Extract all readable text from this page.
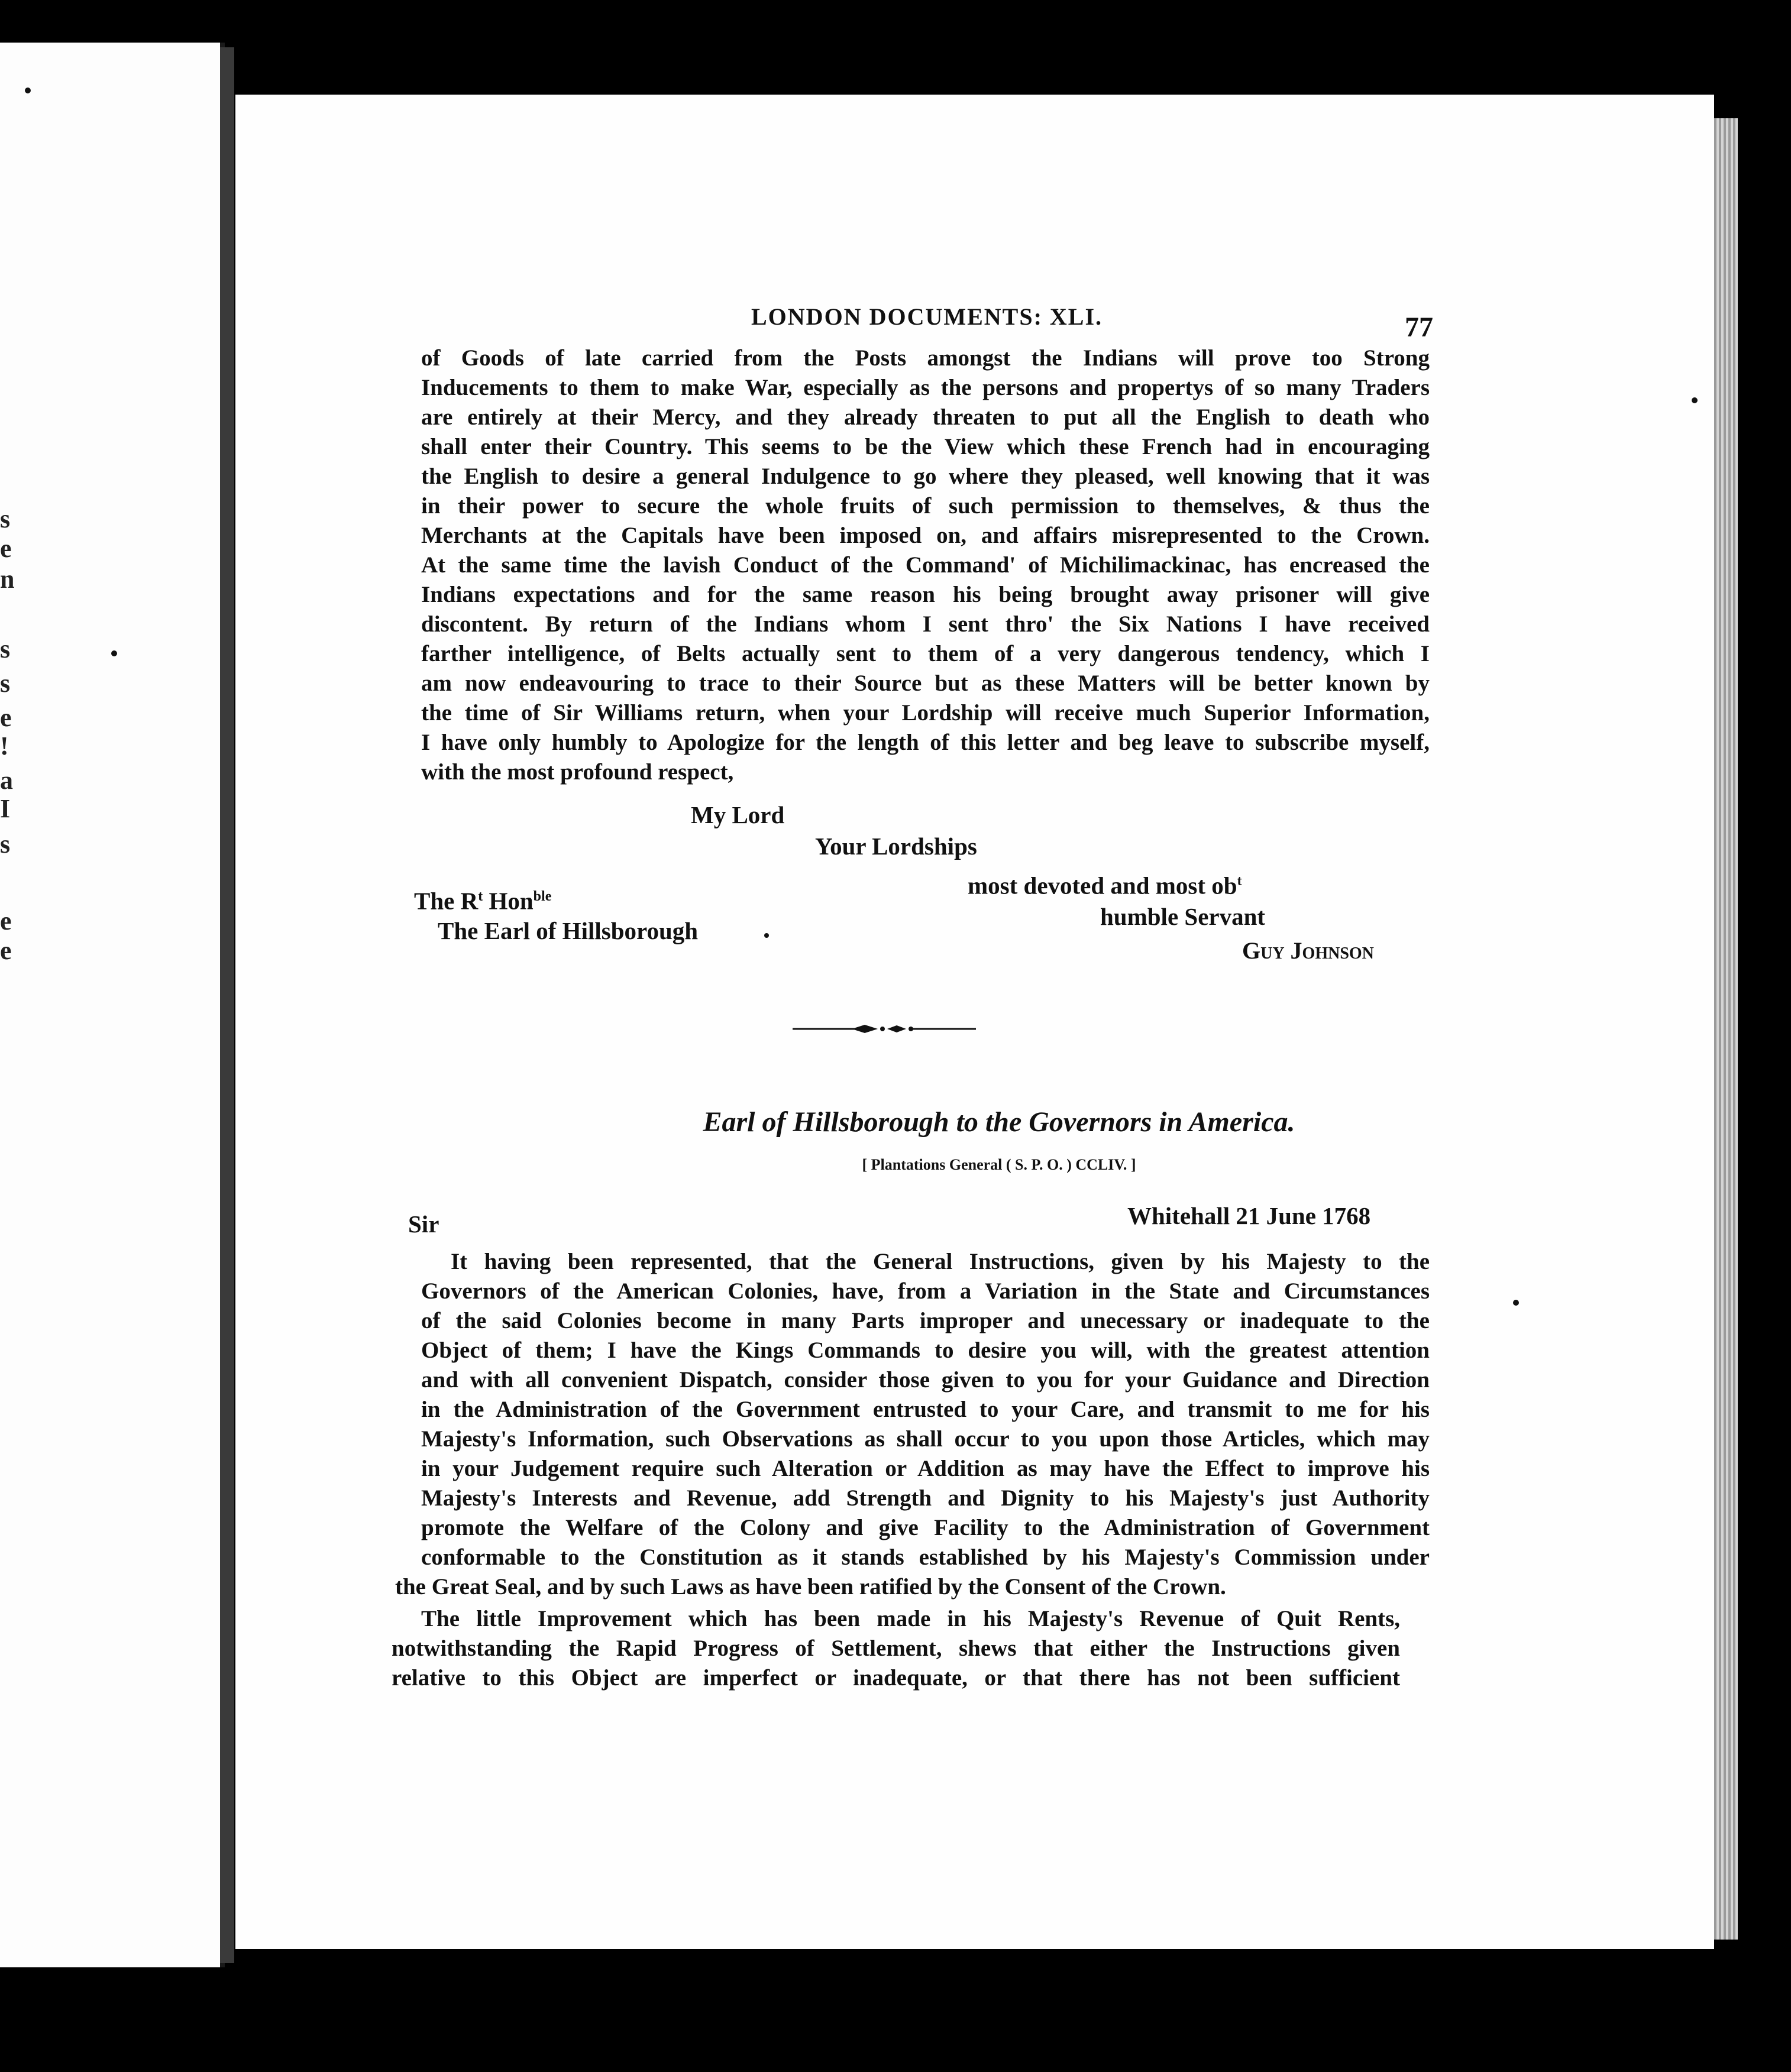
s
e
n
s
s
e
!
a
I
s
e
e
LONDON DOCUMENTS: XLI.	77
of Goods of late carried from the Posts amongst the Indians will prove too Strong
Inducements to them to make War, especially as the persons and propertys of so many Traders
are entirely at their Mercy, and they already threaten to put all the English to death who
shall enter their Country. This seems to be the View which these French had in encouraging
the English to desire a general Indulgence to go where they pleased, well knowing that it was
in their power to secure the whole fruits of such permission to themselves, & thus the
Merchants at the Capitals have been imposed on, and affairs misrepresented to the Crown.
At the same time the lavish Conduct of the Command' of Michilimackinac, has encreased the
Indians expectations and for the same reason his being brought away prisoner will give
discontent. By return of the Indians whom I sent thro' the Six Nations I have received
farther intelligence, of Belts actually sent to them of a very dangerous tendency, which I
am now endeavouring to trace to their Source but as these Matters will be better known by
the time of Sir Williams return, when your Lordship will receive much Superior Information,
I have only humbly to Apologize for the length of this letter and beg leave to subscribe myself,
with the most profound respect,
My Lord
Your Lordships
most devoted and most $ob^t$
The $R^t$ Hon$^{ble}$
humble Servant
The Earl of Hillsborough
Guy Johnson
Earl of Hillsborough to the Governors in America.
[ Plantations General ( S. P. O. ) CCLIV. ]
Sir	Whitehall 21 June 1768
It having been represented, that the General Instructions, given by his Majesty to the
Governors of the American Colonies, have, from a Variation in the State and Circumstances
of the said Colonies become in many Parts improper and unecessary or inadequate to the
Object of them; I have the Kings Commands to desire you will, with the greatest attention
and with all convenient Dispatch, consider those given to you for your Guidance and Direction
in the Administration of the Government entrusted to your Care, and transmit to me for his
Majesty's Information, such Observations as shall occur to you upon those Articles, which may
in your Judgement require such Alteration or Addition as may have the Effect to improve his
Majesty's Interests and Revenue, add Strength and Dignity to his Majesty's just Authority
promote the Welfare of the Colony and give Facility to the Administration of Government
conformable to the Constitution as it stands established by his Majesty's Commission under
the Great Seal, and by such Laws as have been ratified by the Consent of the Crown.
The little Improvement which has been made in his Majesty's Revenue of Quit Rents,
notwithstanding the Rapid Progress of Settlement, shews that either the Instructions given
relative to this Object are imperfect or inadequate, or that there has not been sufficient
